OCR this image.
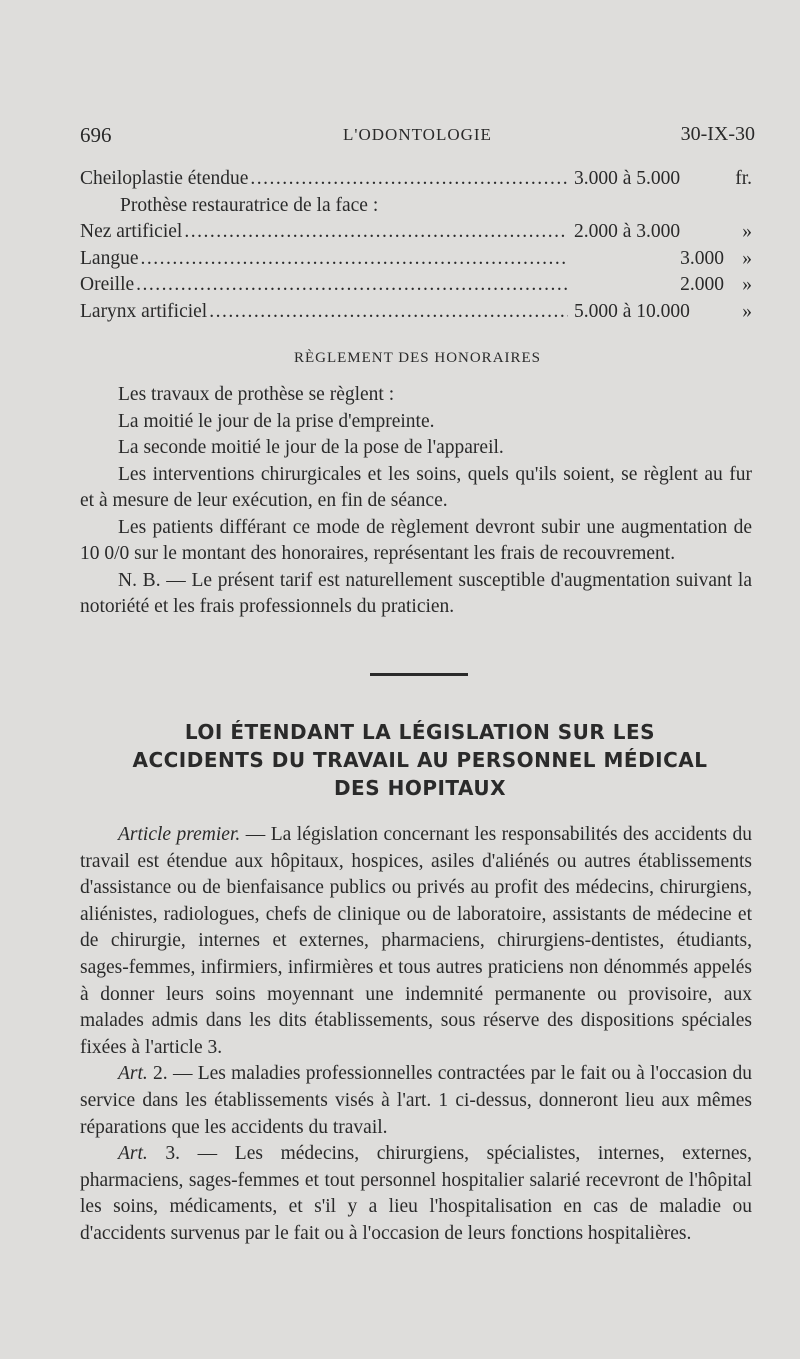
696	L'ODONTOLOGIE	30-IX-30
Cheiloplastie étendue .....	3.000 à 5.000	fr.
Prothèse restauratrice de la face :
Nez artificiel .....	2.000 à 3.000	»
Langue .....	3.000 »
Oreille .....	2.000 »
Larynx artificiel .....	5.000 à 10.000	»
RÈGLEMENT DES HONORAIRES

Les travaux de prothèse se règlent :

La moitié le jour de la prise d'empreinte.

La seconde moitié le jour de la pose de l'appareil.

Les interventions chirurgicales et les soins, quels qu'ils soient, se règlent au fur et à mesure de leur exécution, en fin de séance.

Les patients différant ce mode de règlement devront subir une augmentation de 10 0/0 sur le montant des honoraires, représentant les frais de recouvrement.

N. B. — Le présent tarif est naturellement susceptible d'augmentation suivant la notoriété et les frais professionnels du praticien.

LOI ÉTENDANT LA LÉGISLATION SUR LES
ACCIDENTS DU TRAVAIL AU PERSONNEL MÉDICAL
DES HOPITAUX

Article premier. — La législation concernant les responsabilités des accidents du travail est étendue aux hôpitaux, hospices, asiles d'aliénés ou autres établissements d'assistance ou de bienfaisance publics ou privés au profit des médecins, chirurgiens, aliénistes, radiologues, chefs de clinique ou de laboratoire, assistants de médecine et de chirurgie, internes et externes, pharmaciens, chirurgiens-dentistes, étudiants, sages-femmes, infirmiers, infirmières et tous autres praticiens non dénommés appelés à donner leurs soins moyennant une indemnité permanente ou provisoire, aux malades admis dans les dits établissements, sous réserve des dispositions spéciales fixées à l'article 3.

Art. 2. — Les maladies professionnelles contractées par le fait ou à l'occasion du service dans les établissements visés à l'art. 1 ci-dessus, donneront lieu aux mêmes réparations que les accidents du travail.

Art. 3. — Les médecins, chirurgiens, spécialistes, internes, externes, pharmaciens, sages-femmes et tout personnel hospitalier salarié recevront de l'hôpital les soins, médicaments, et s'il y a lieu l'hospitalisation en cas de maladie ou d'accidents survenus par le fait ou à l'occasion de leurs fonctions hospitalières.
